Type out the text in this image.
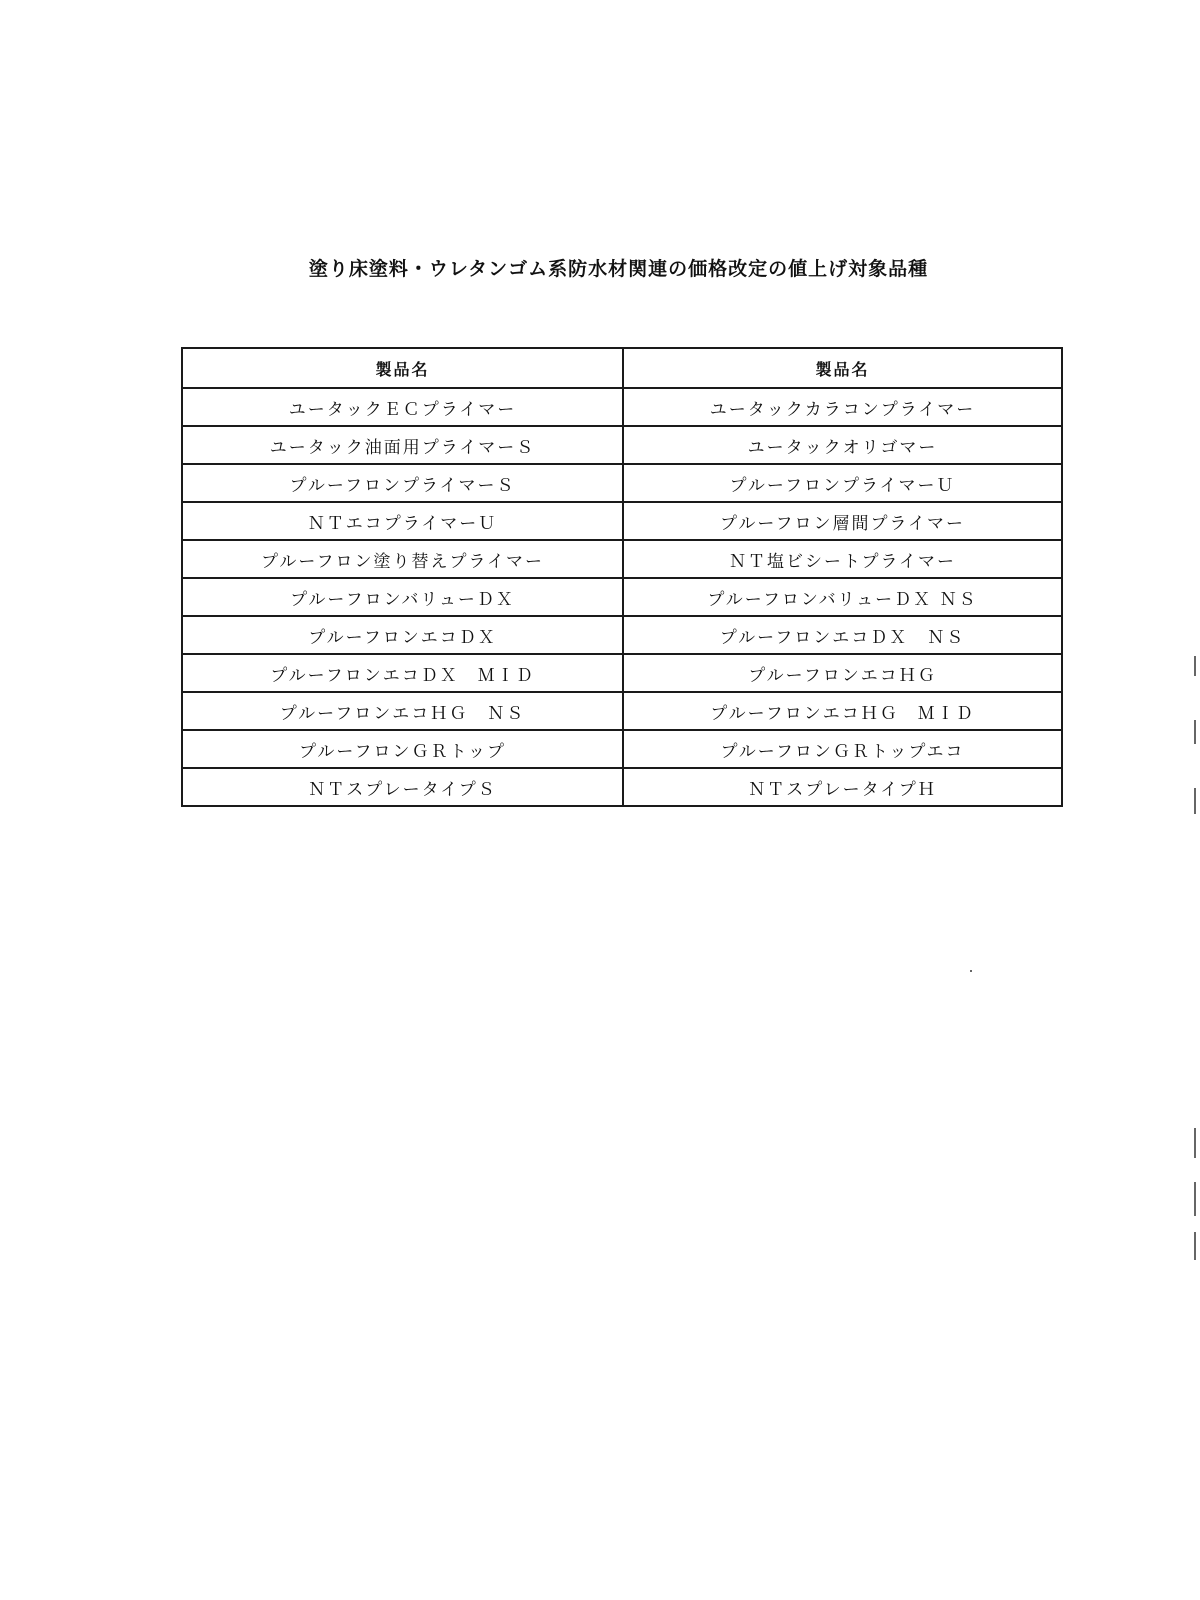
塗り床塗料・ウレタンゴム系防水材関連の価格改定の値上げ対象品種
製品名	製品名
ユータックＥＣプライマー	ユータックカラコンプライマー
ユータック油面用プライマーＳ	ユータックオリゴマー
プルーフロンプライマーＳ	プルーフロンプライマーＵ
ＮＴエコプライマーＵ	プルーフロン層間プライマー
プルーフロン塗り替えプライマー	ＮＴ塩ビシートプライマー
プルーフロンバリューＤＸ	プルーフロンバリューＤＸ ＮＳ
プルーフロンエコＤＸ	プルーフロンエコＤＸ　ＮＳ
プルーフロンエコＤＸ　ＭＩＤ	プルーフロンエコＨＧ
プルーフロンエコＨＧ　ＮＳ	プルーフロンエコＨＧ　ＭＩＤ
プルーフロンＧＲトップ	プルーフロンＧＲトップエコ
ＮＴスプレータイプＳ	ＮＴスプレータイプＨ
